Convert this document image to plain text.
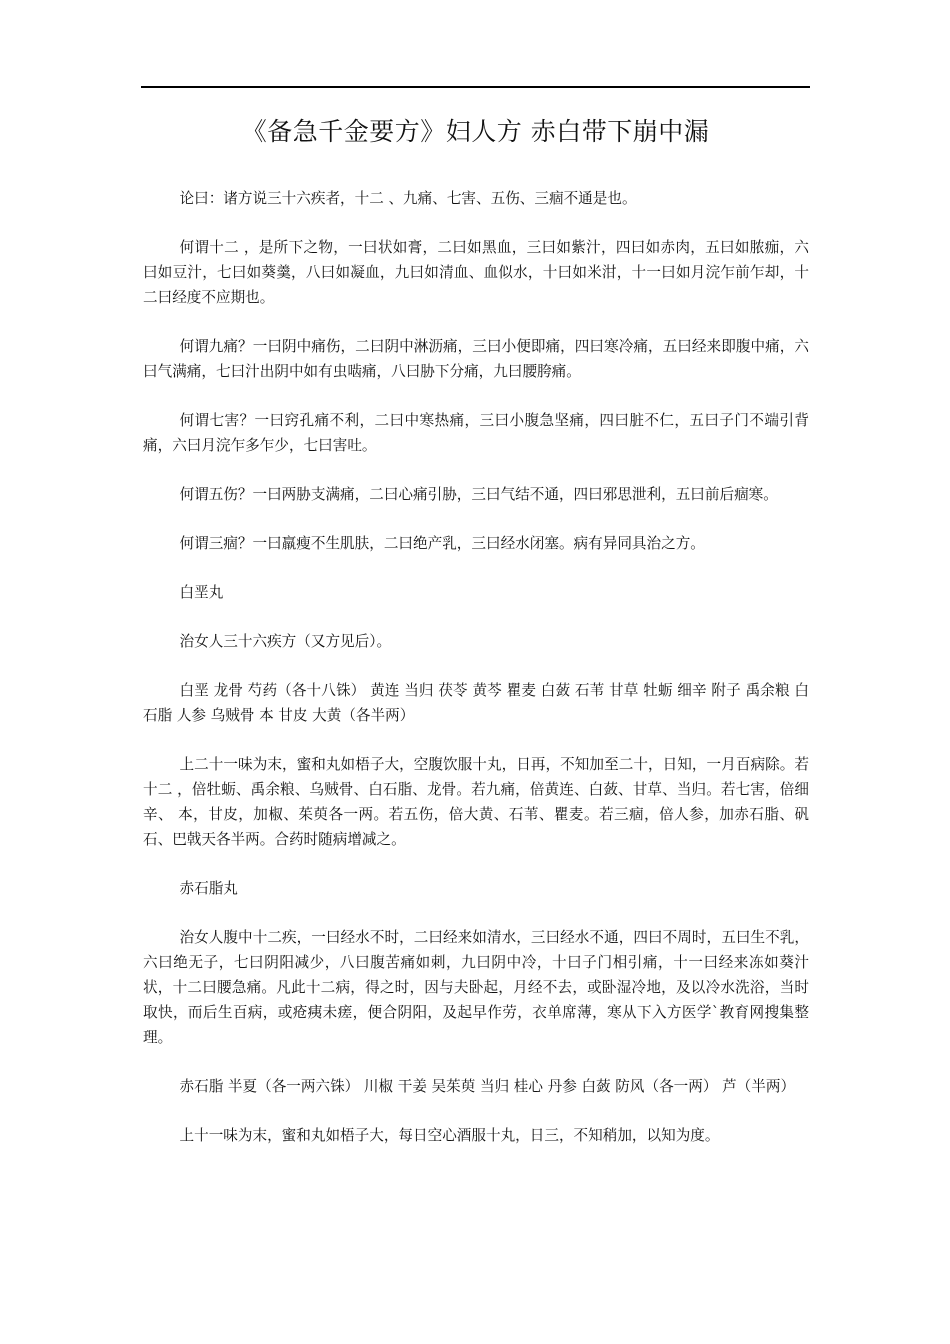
《备急千金要方》妇人方 赤白带下崩中漏

论曰：诸方说三十六疾者，十二 、九痛、七害、五伤、三痼不通是也。

何谓十二 ，是所下之物，一曰状如膏，二曰如黑血，三曰如紫汁，四曰如赤肉，五曰如脓痂，六曰如豆汁，七曰如葵羹，八曰如凝血，九曰如清血、血似水，十曰如米泔，十一曰如月浣乍前乍却，十二曰经度不应期也。

何谓九痛？一曰阴中痛伤，二曰阴中淋沥痛，三曰小便即痛，四曰寒冷痛，五曰经来即腹中痛，六曰气满痛，七曰汁出阴中如有虫啮痛，八曰胁下分痛，九曰腰胯痛。

何谓七害？一曰窍孔痛不利，二曰中寒热痛，三曰小腹急坚痛，四曰脏不仁，五曰子门不端引背痛，六曰月浣乍多乍少，七曰害吐。

何谓五伤？一曰两胁支满痛，二曰心痛引胁，三曰气结不通，四曰邪思泄利，五曰前后痼寒。

何谓三痼？一曰羸瘦不生肌肤，二曰绝产乳，三曰经水闭塞。病有异同具治之方。

白垩丸

治女人三十六疾方（又方见后）。

白垩 龙骨 芍药（各十八铢） 黄连 当归 茯苓 黄芩 瞿麦 白蔹 石苇 甘草 牡蛎 细辛 附子 禹余粮 白石脂 人参 乌贼骨 本 甘皮 大黄（各半两）

上二十一味为末，蜜和丸如梧子大，空腹饮服十丸，日再，不知加至二十，日知，一月百病除。若十二 ，倍牡蛎、禹余粮、乌贼骨、白石脂、龙骨。若九痛，倍黄连、白蔹、甘草、当归。若七害，倍细辛、 本，甘皮，加椒、茱萸各一两。若五伤，倍大黄、石苇、瞿麦。若三痼，倍人参，加赤石脂、矾石、巴戟天各半两。合药时随病增减之。

赤石脂丸

治女人腹中十二疾，一曰经水不时，二曰经来如清水，三曰经水不通，四曰不周时，五曰生不乳，六曰绝无子，七曰阴阳减少，八曰腹苦痛如刺，九曰阴中冷，十曰子门相引痛，十一曰经来冻如葵汁状，十二曰腰急痛。凡此十二病，得之时，因与夫卧起，月经不去，或卧湿冷地，及以冷水洗浴，当时取快，而后生百病，或疮痍未瘥，便合阴阳，及起早作劳，衣单席薄，寒从下入方医学`教育网搜集整理。

赤石脂 半夏（各一两六铢） 川椒 干姜 吴茱萸 当归 桂心 丹参 白蔹 防风（各一两） 芦（半两）

上十一味为末，蜜和丸如梧子大，每日空心酒服十丸，日三，不知稍加，以知为度。
